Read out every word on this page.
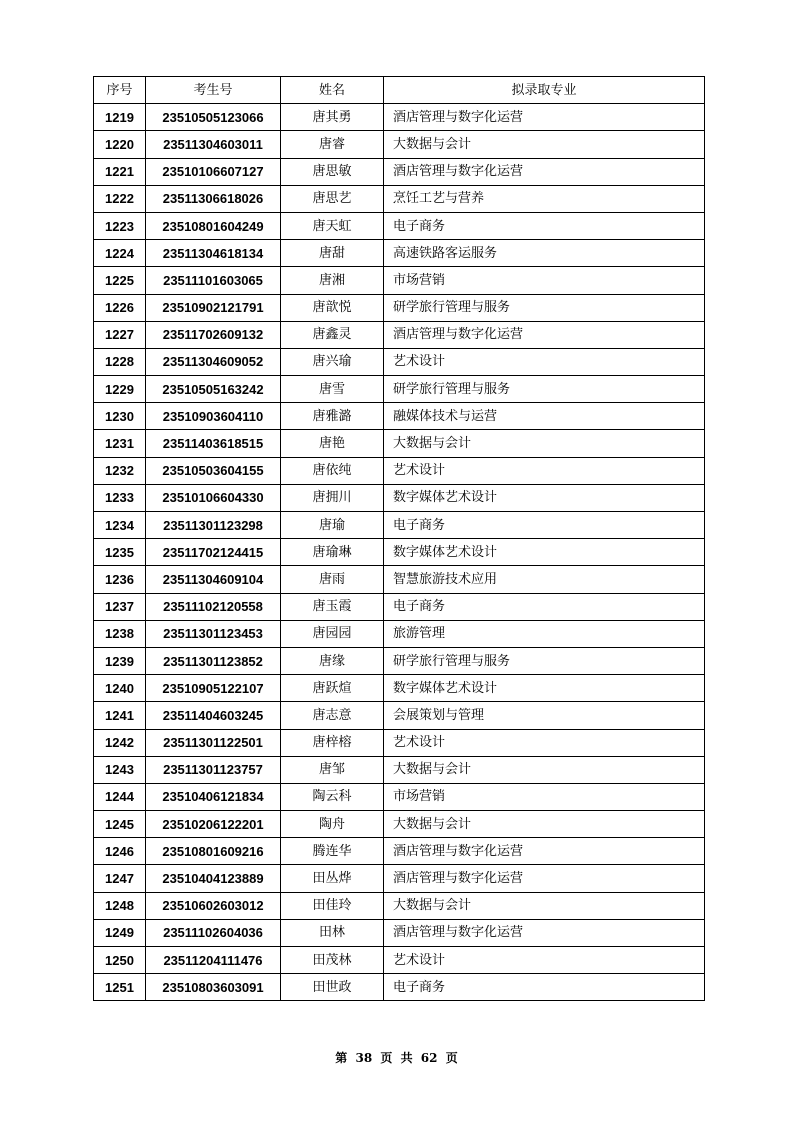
序号	考生号	姓名	拟录取专业
1219	23510505123066	唐其勇	酒店管理与数字化运营
1220	23511304603011	唐睿	大数据与会计
1221	23510106607127	唐思敏	酒店管理与数字化运营
1222	23511306618026	唐思艺	烹饪工艺与营养
1223	23510801604249	唐天虹	电子商务
1224	23511304618134	唐甜	高速铁路客运服务
1225	23511101603065	唐湘	市场营销
1226	23510902121791	唐歆悦	研学旅行管理与服务
1227	23511702609132	唐鑫灵	酒店管理与数字化运营
1228	23511304609052	唐兴瑜	艺术设计
1229	23510505163242	唐雪	研学旅行管理与服务
1230	23510903604110	唐雅潞	融媒体技术与运营
1231	23511403618515	唐艳	大数据与会计
1232	23510503604155	唐依纯	艺术设计
1233	23510106604330	唐拥川	数字媒体艺术设计
1234	23511301123298	唐瑜	电子商务
1235	23511702124415	唐瑜琳	数字媒体艺术设计
1236	23511304609104	唐雨	智慧旅游技术应用
1237	23511102120558	唐玉霞	电子商务
1238	23511301123453	唐园园	旅游管理
1239	23511301123852	唐缘	研学旅行管理与服务
1240	23510905122107	唐跃煊	数字媒体艺术设计
1241	23511404603245	唐志意	会展策划与管理
1242	23511301122501	唐梓榕	艺术设计
1243	23511301123757	唐邹	大数据与会计
1244	23510406121834	陶云科	市场营销
1245	23510206122201	陶舟	大数据与会计
1246	23510801609216	腾连华	酒店管理与数字化运营
1247	23510404123889	田丛烨	酒店管理与数字化运营
1248	23510602603012	田佳玲	大数据与会计
1249	23511102604036	田林	酒店管理与数字化运营
1250	23511204111476	田茂林	艺术设计
1251	23510803603091	田世政	电子商务
第 38 页 共 62 页
